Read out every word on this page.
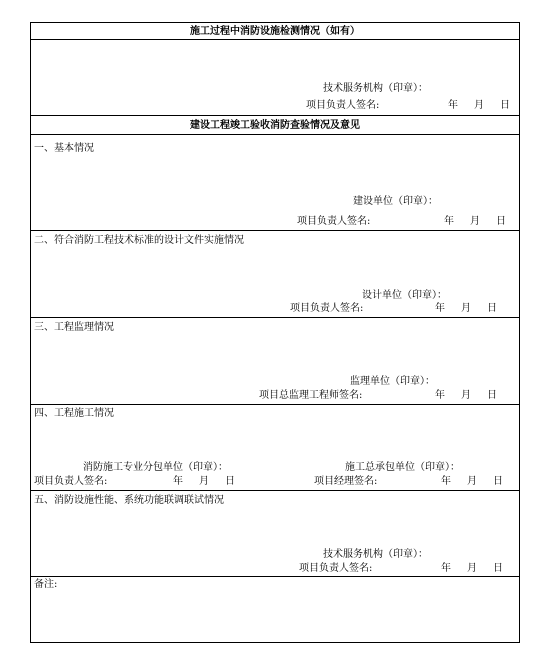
施工过程中消防设施检测情况（如有）
技术服务机构（印章）：
项目负责人签名:	年 月 日
建设工程竣工验收消防查验情况及意见
一、基本情况
建设单位（印章）：
项目负责人签名:	年 月 日
二、符合消防工程技术标准的设计文件实施情况
设计单位（印章）：
项目负责人签名:	年 月 日
三、工程监理情况
监理单位（印章）：
项目总监理工程师签名:	年 月 日
四、工程施工情况
消防施工专业分包单位（印章）：	施工总承包单位（印章）：
项目负责人签名:	年 月 日	项目经理签名:	年 月 日
五、消防设施性能、系统功能联调联试情况
技术服务机构（印章）：
项目负责人签名:	年 月 日
备注:
